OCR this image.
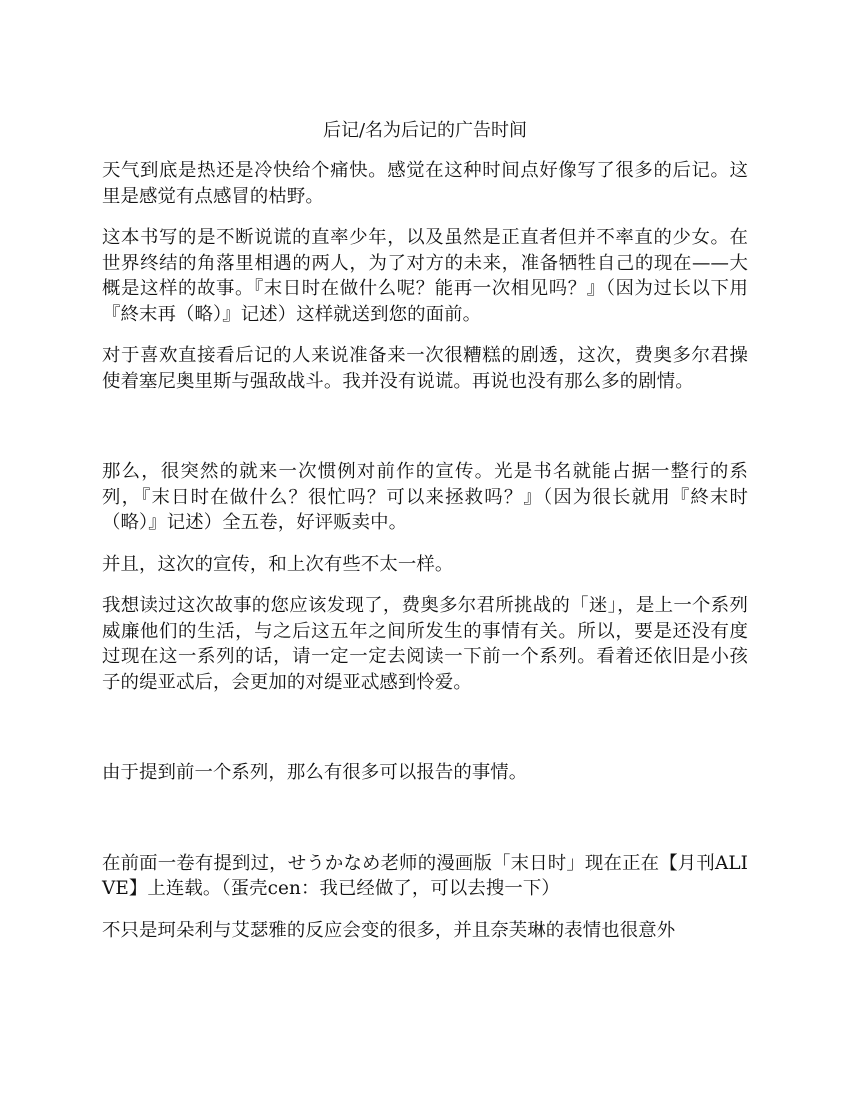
后记/名为后记的广告时间

天气到底是热还是冷快给个痛快。感觉在这种时间点好像写了很多的后记。这里是感觉有点感冒的枯野。

这本书写的是不断说谎的直率少年，以及虽然是正直者但并不率直的少女。在世界终结的角落里相遇的两人，为了对方的未来，准备牺牲自己的现在——大概是这样的故事。『末日时在做什么呢？能再一次相见吗？』（因为过长以下用『終末再（略）』记述）这样就送到您的面前。

对于喜欢直接看后记的人来说准备来一次很糟糕的剧透，这次，费奥多尔君操使着塞尼奥里斯与强敌战斗。我并没有说谎。再说也没有那么多的剧情。

那么，很突然的就来一次惯例对前作的宣传。光是书名就能占据一整行的系列，『末日时在做什么？很忙吗？可以来拯救吗？』（因为很长就用『終末时（略）』记述）全五卷，好评贩卖中。

并且，这次的宣传，和上次有些不太一样。

我想读过这次故事的您应该发现了，费奥多尔君所挑战的「迷」，是上一个系列威廉他们的生活，与之后这五年之间所发生的事情有关。所以，要是还没有度过现在这一系列的话，请一定一定去阅读一下前一个系列。看着还依旧是小孩子的缇亚忒后，会更加的对缇亚忒感到怜爱。

由于提到前一个系列，那么有很多可以报告的事情。

在前面一卷有提到过，せうかなめ老师的漫画版「末日时」现在正在【月刊ALIVE】上连载。（蛋壳cen：我已经做了，可以去搜一下）

不只是珂朵利与艾瑟雅的反应会变的很多，并且奈芙琳的表情也很意外
